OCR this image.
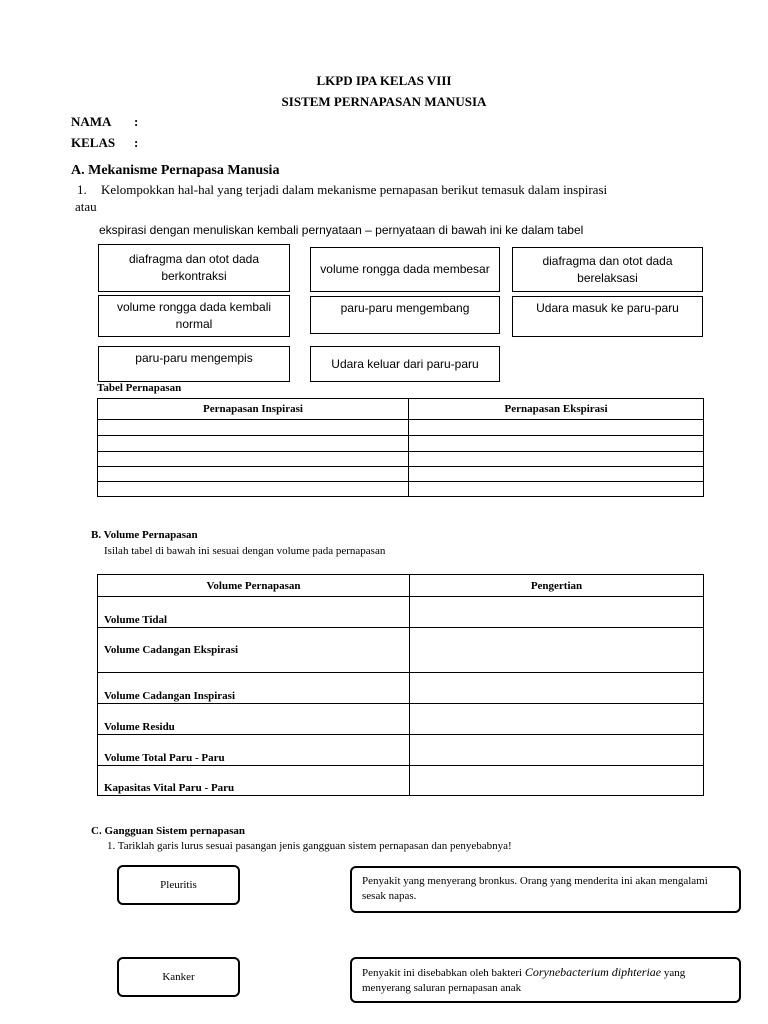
LKPD IPA KELAS VIII
SISTEM PERNAPASAN MANUSIA
NAMA :
KELAS :
A. Mekanisme Pernapasa Manusia
1. Kelompokkan hal-hal yang terjadi dalam mekanisme pernapasan berikut temasuk dalam inspirasi
atau
ekspirasi dengan menuliskan kembali pernyataan – pernyataan di bawah ini ke dalam tabel
diafragma dan otot dada berkontraksi	volume rongga dada membesar
diafragma dan otot dada berelaksasi
volume rongga dada kembali normal
paru-paru mengembang	Udara masuk ke paru-paru
paru-paru mengempis	Udara keluar dari paru-paru
Tabel Pernapasan
Pernapasan Inspirasi	Pernapasan Ekspirasi

B. Volume Pernapasan
Isilah tabel di bawah ini sesuai dengan volume pada pernapasan
Volume Pernapasan	Pengertian
Volume Tidal	
Volume Cadangan Ekspirasi	
Volume Cadangan Inspirasi	
Volume Residu	
Volume Total Paru - Paru	
Kapasitas Vital Paru - Paru	
C. Gangguan Sistem pernapasan
1. Tariklah garis lurus sesuai pasangan jenis gangguan sistem pernapasan dan penyebabnya!
Pleuritis
Kanker
Penyakit yang menyerang bronkus. Orang yang menderita ini akan mengalami sesak napas.
Penyakit ini disebabkan oleh bakteri Corynebacterium diphteriae yang menyerang saluran pernapasan anak
